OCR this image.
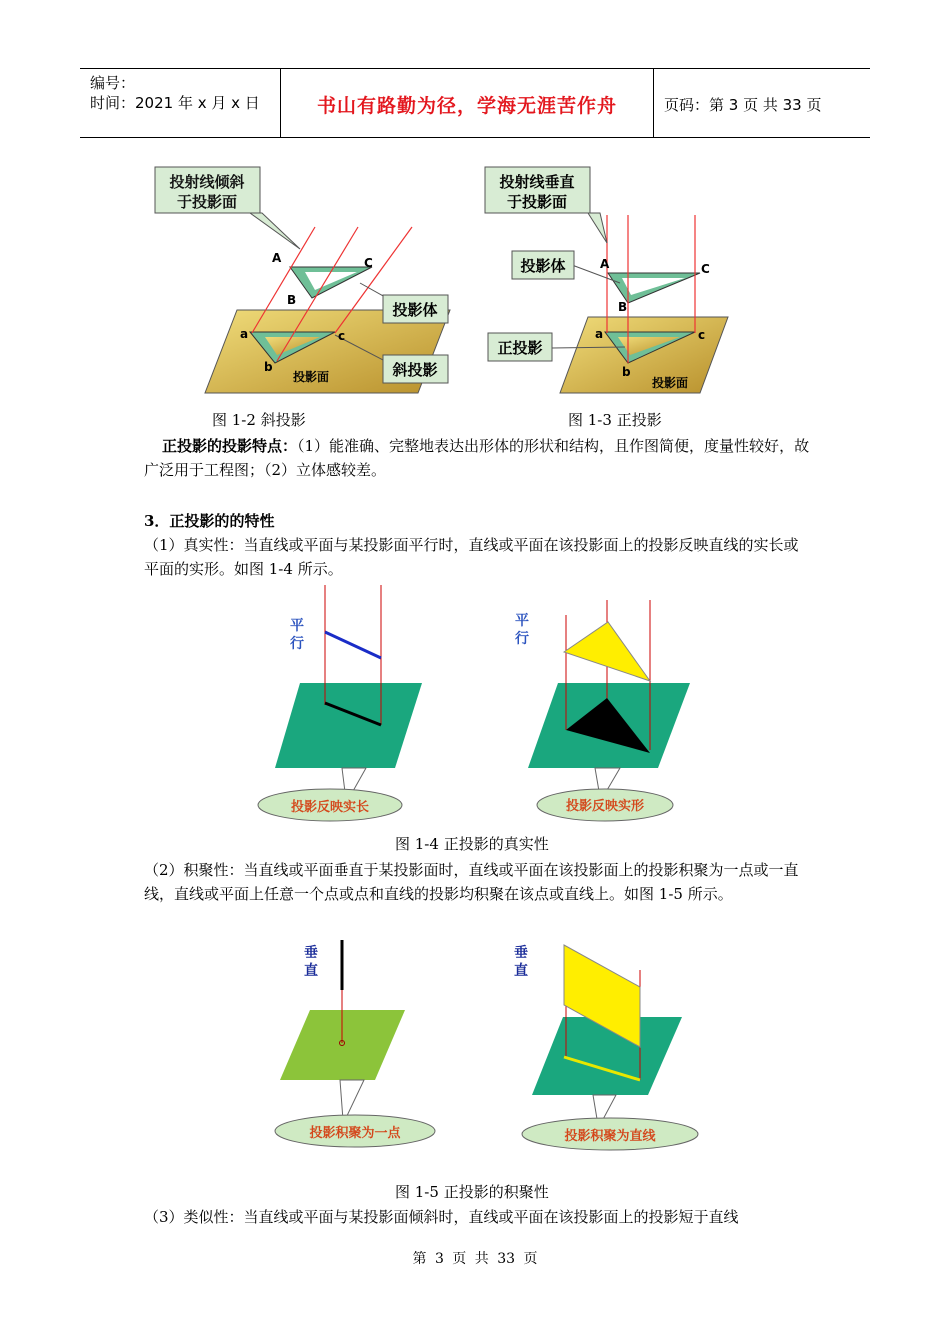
编号：
时间：2021 年 x 月 x 日	书山有路勤为径，学海无涯苦作舟	页码：第 3 页 共 33 页
投射线倾斜
于投影面
投影体
斜投影
A
B
C
a
b
c
投影面
图 1-2 斜投影
投射线垂直
于投影面
投影体
正投影
A
B
C
a
b
c
投影面
图 1-3 正投影
正投影的投影特点：（1）能准确、完整地表达出形体的形状和结构，且作图简便，度量性较好，故广泛用于工程图；（2）立体感较差。
3．正投影的的特性
（1）真实性：当直线或平面与某投影面平行时，直线或平面在该投影面上的投影反映直线的实长或平面的实形。如图 1-4 所示。
平
行
投影反映实长
平
行
投影反映实形
图 1-4 正投影的真实性
（2）积聚性：当直线或平面垂直于某投影面时，直线或平面在该投影面上的投影积聚为一点或一直线，直线或平面上任意一个点或点和直线的投影均积聚在该点或直线上。如图 1-5 所示。
垂
直
投影积聚为一点
垂
直
投影积聚为直线
图 1-5 正投影的积聚性
（3）类似性：当直线或平面与某投影面倾斜时，直线或平面在该投影面上的投影短于直线
第 3 页 共 33 页
